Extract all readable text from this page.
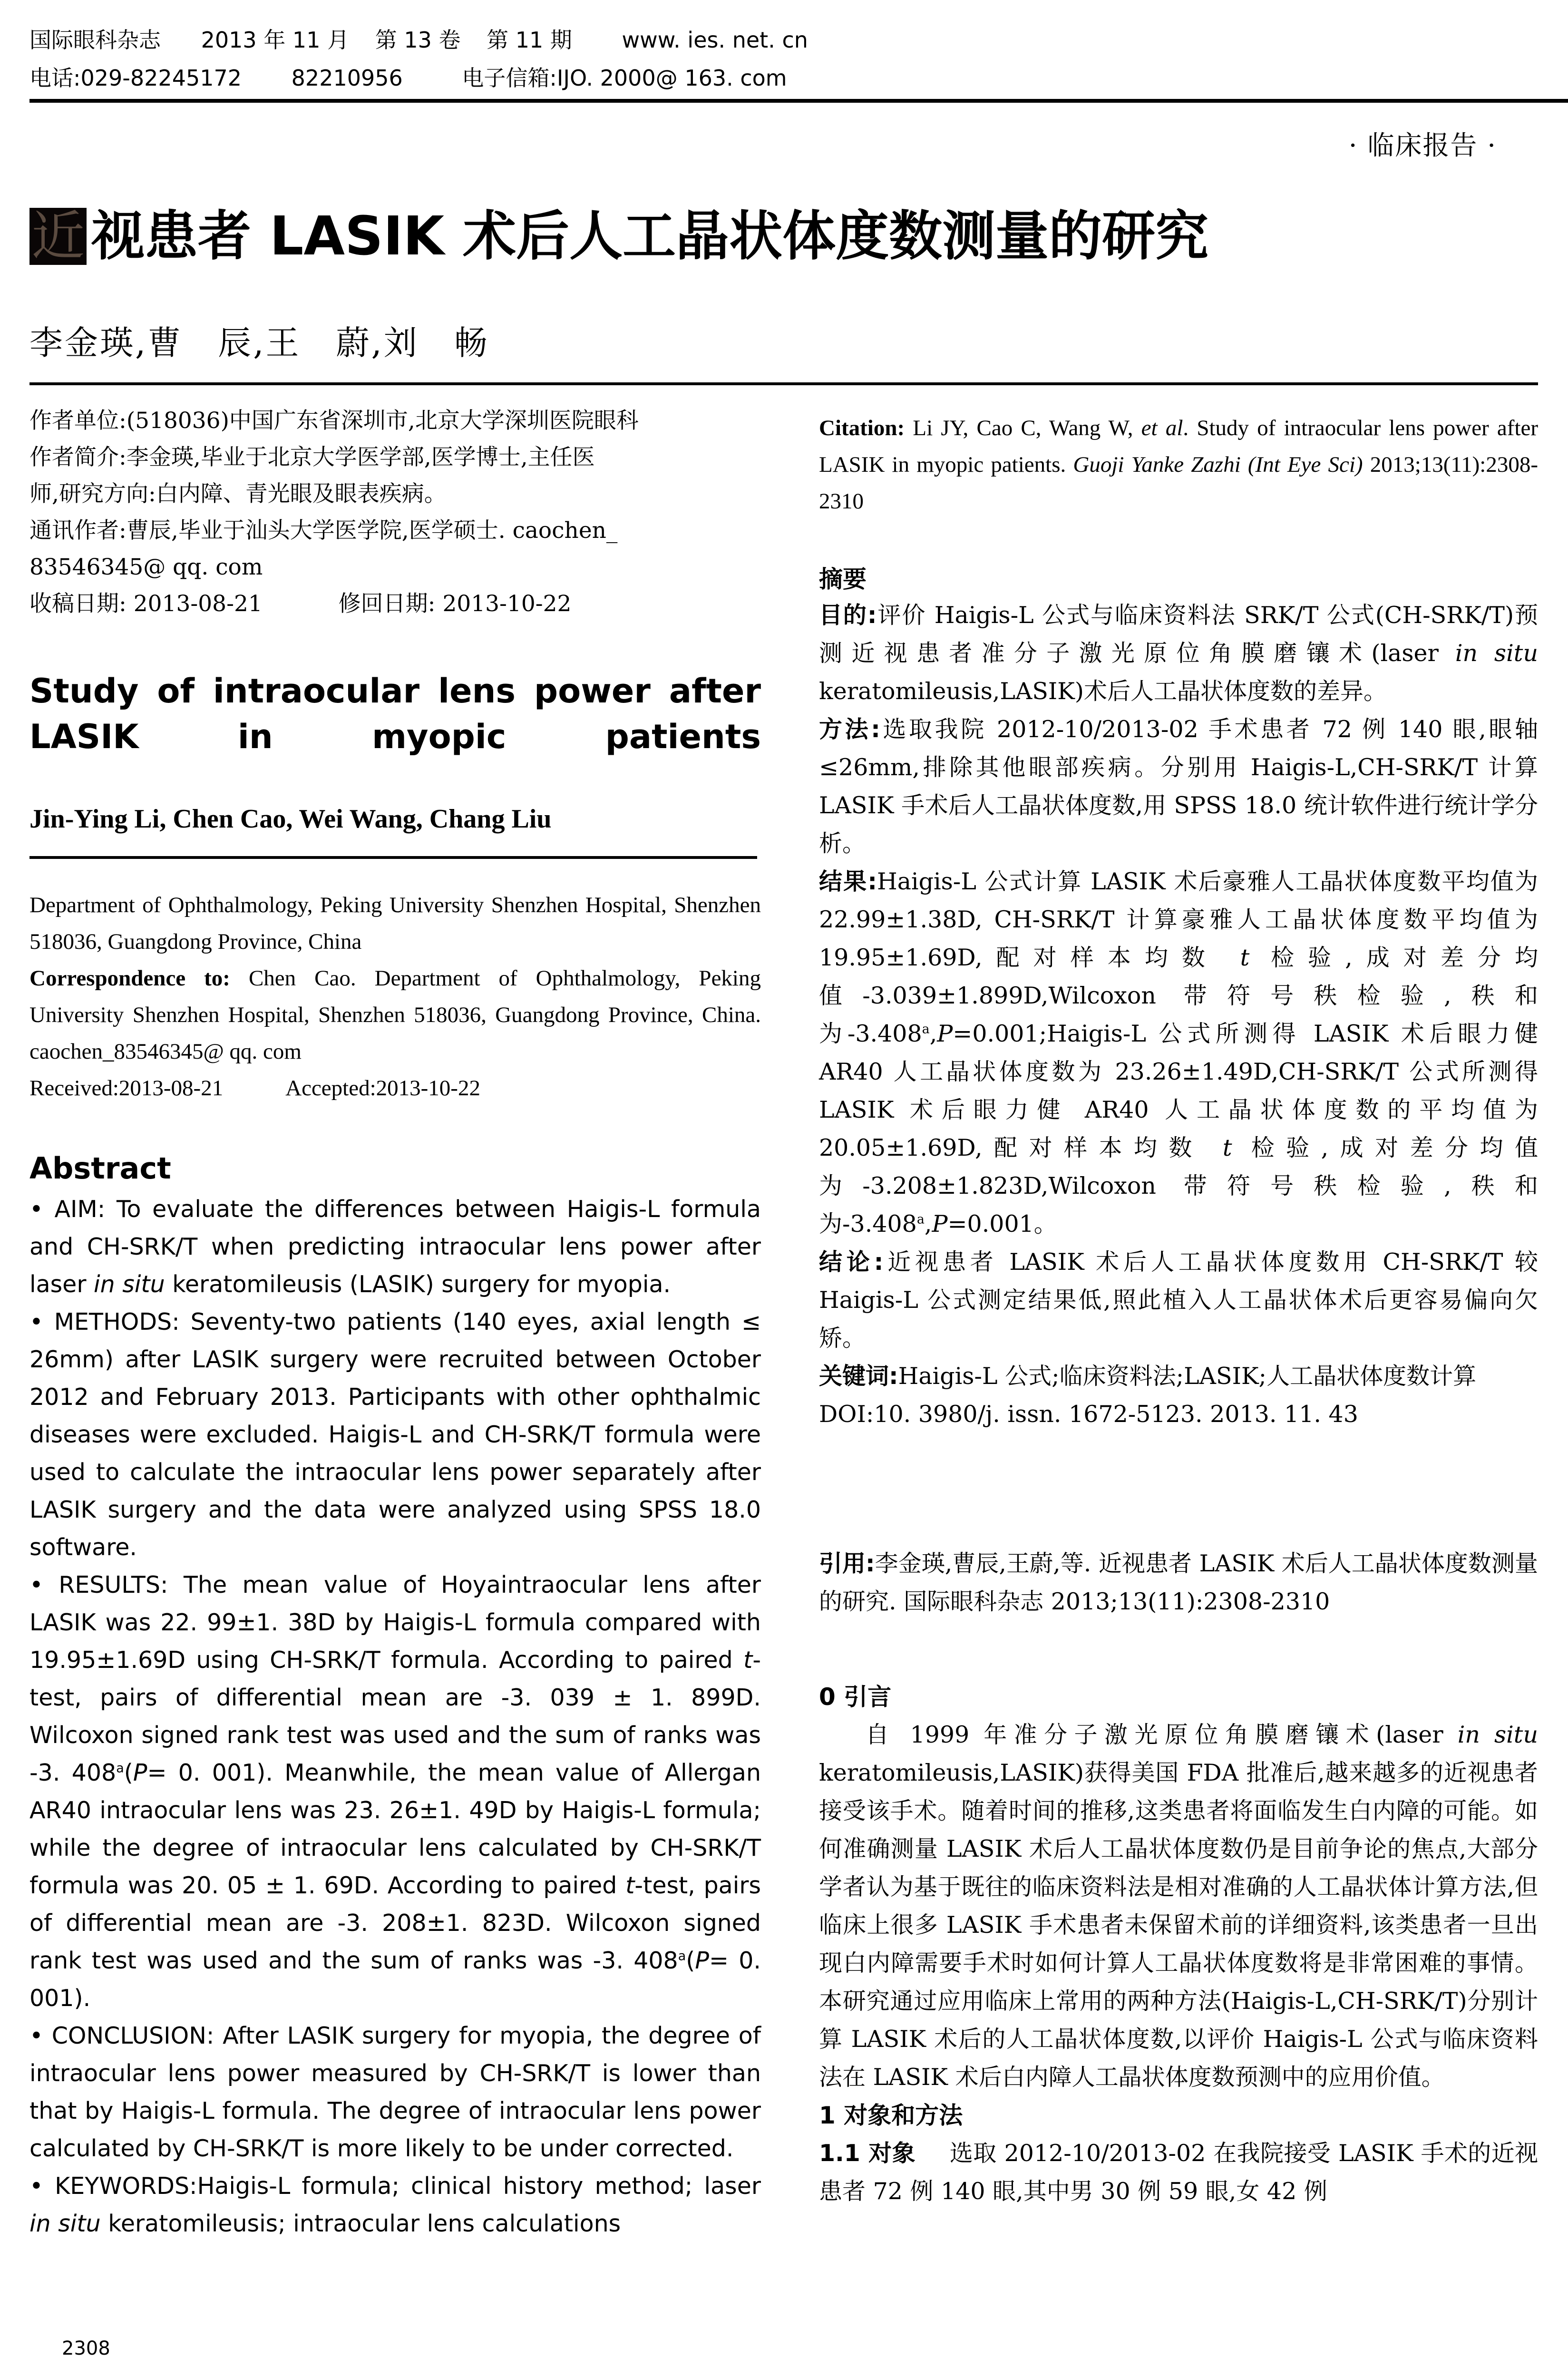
国际眼科杂志 2013 年 11 月 第 13 卷 第 11 期 www. ies. net. cn
电话:029-82245172 82210956	电子信箱:IJO. 2000@ 163. com
· 临床报告 ·
近 视患者 LASIK 术后人工晶状体度数测量的研究
李金瑛,曹　辰,王　蔚,刘　畅
作者单位:(518036)中国广东省深圳市,北京大学深圳医院眼科
作者简介:李金瑛,毕业于北京大学医学部,医学博士,主任医
师,研究方向:白内障、青光眼及眼表疾病。
通讯作者:曹辰,毕业于汕头大学医学院,医学硕士. caochen_
83546345@ qq. com
收稿日期: 2013-08-21	修回日期: 2013-10-22
Study of intraocular lens power after LASIK in myopic patients
Jin-Ying Li, Chen Cao, Wei Wang, Chang Liu
Department of Ophthalmology, Peking University Shenzhen Hospital, Shenzhen 518036, Guangdong Province, China
Correspondence to: Chen Cao. Department of Ophthalmology, Peking University Shenzhen Hospital, Shenzhen 518036, Guangdong Province, China. caochen_83546345@ qq. com
Received:2013-08-21	Accepted:2013-10-22
Abstract

• AIM: To evaluate the differences between Haigis-L formula and CH-SRK/T when predicting intraocular lens power after laser in situ keratomileusis (LASIK) surgery for myopia.

• METHODS: Seventy-two patients (140 eyes, axial length ≤ 26mm) after LASIK surgery were recruited between October 2012 and February 2013. Participants with other ophthalmic diseases were excluded. Haigis-L and CH-SRK/T formula were used to calculate the intraocular lens power separately after LASIK surgery and the data were analyzed using SPSS 18.0 software.

• RESULTS: The mean value of Hoyaintraocular lens after LASIK was 22. 99±1. 38D by Haigis-L formula compared with 19.95±1.69D using CH-SRK/T formula. According to paired t-test, pairs of differential mean are -3. 039 ± 1. 899D. Wilcoxon signed rank test was used and the sum of ranks was -3. $408^a(P= 0$. 001). Meanwhile, the mean value of Allergan AR40 intraocular lens was 23. 26±1. 49D by Haigis-L formula; while the degree of intraocular lens calculated by CH-SRK/T formula was 20. 05 ± 1. 69D. According to paired t-test, pairs of differential mean are -3. 208±1. 823D. Wilcoxon signed rank test was used and the sum of ranks was -3. $408^a(P= 0$. 001).

• CONCLUSION: After LASIK surgery for myopia, the degree of intraocular lens power measured by CH-SRK/T is lower than that by Haigis-L formula. The degree of intraocular lens power calculated by CH-SRK/T is more likely to be under corrected.

• KEYWORDS:Haigis-L formula; clinical history method; laser in situ keratomileusis; intraocular lens calculations

2308
Citation: Li JY, Cao C, Wang W, et al. Study of intraocular lens power after LASIK in myopic patients. Guoji Yanke Zazhi (Int Eye Sci) 2013;13(11):2308-2310
摘要

目的:评价 Haigis-L 公式与临床资料法 SRK/T 公式(CH-SRK/T)预测近视患者准分子激光原位角膜磨镶术(laser in situ keratomileusis,LASIK)术后人工晶状体度数的差异。

方法:选取我院 2012-10/2013-02 手术患者 72 例 140 眼,眼轴≤26mm,排除其他眼部疾病。分别用 Haigis-L,CH-SRK/T 计算 LASIK 手术后人工晶状体度数,用 SPSS 18.0 统计软件进行统计学分析。

结果:Haigis-L 公式计算 LASIK 术后豪雅人工晶状体度数平均值为 22.99±1.38D, CH-SRK/T 计算豪雅人工晶状体度数平均值为 19.95±1.69D,配对样本均数 t 检验,成对差分均值-3.039±1.899D,Wilcoxon 带符号秩检验,秩和为-3.408$^a$,P=0.001;Haigis-L 公式所测得 LASIK 术后眼力健 AR40 人工晶状体度数为 23.26±1.49D,CH-SRK/T 公式所测得 LASIK 术后眼力健 AR40 人工晶状体度数的平均值为 20.05±1.69D,配对样本均数 t 检验,成对差分均值为-3.208±1.823D,Wilcoxon 带符号秩检验,秩和为-3.408$^a$,P=0.001。

结论:近视患者 LASIK 术后人工晶状体度数用 CH-SRK/T 较 Haigis-L 公式测定结果低,照此植入人工晶状体术后更容易偏向欠矫。

关键词:Haigis-L 公式;临床资料法;LASIK;人工晶状体度数计算

DOI:10. 3980/j. issn. 1672-5123. 2013. 11. 43

引用:李金瑛,曹辰,王蔚,等. 近视患者 LASIK 术后人工晶状体度数测量的研究. 国际眼科杂志 2013;13(11):2308-2310
0 引言

自 1999 年准分子激光原位角膜磨镶术(laser in situ keratomileusis,LASIK)获得美国 FDA 批准后,越来越多的近视患者接受该手术。随着时间的推移,这类患者将面临发生白内障的可能。如何准确测量 LASIK 术后人工晶状体度数仍是目前争论的焦点,大部分学者认为基于既往的临床资料法是相对准确的人工晶状体计算方法,但临床上很多 LASIK 手术患者未保留术前的详细资料,该类患者一旦出现白内障需要手术时如何计算人工晶状体度数将是非常困难的事情。本研究通过应用临床上常用的两种方法(Haigis-L,CH-SRK/T)分别计算 LASIK 术后的人工晶状体度数,以评价 Haigis-L 公式与临床资料法在 LASIK 术后白内障人工晶状体度数预测中的应用价值。

1 对象和方法

1.1 对象 选取 2012-10/2013-02 在我院接受 LASIK 手术的近视患者 72 例 140 眼,其中男 30 例 59 眼,女 42 例
